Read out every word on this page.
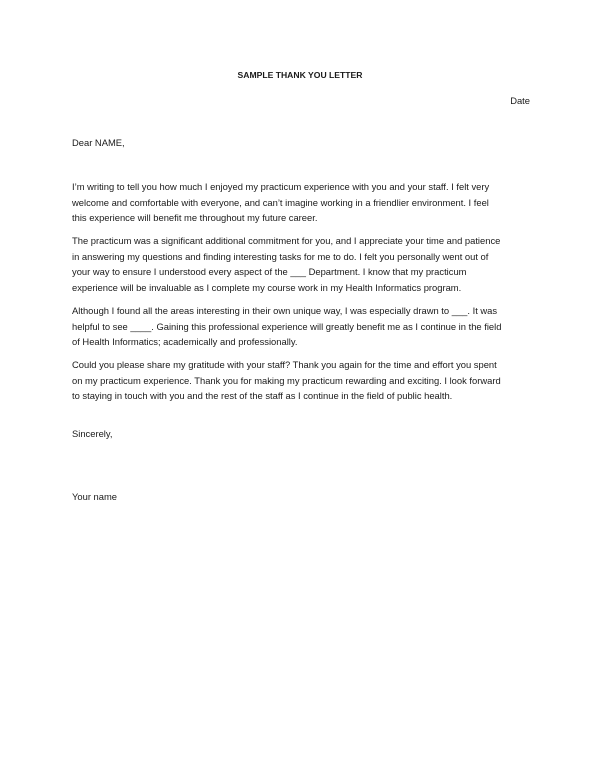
SAMPLE THANK YOU LETTER
Date
Dear NAME,
I’m writing to tell you how much I enjoyed my practicum experience with you and your staff. I felt very
welcome and comfortable with everyone, and can’t imagine working in a friendlier environment. I feel
this experience will benefit me throughout my future career.
The practicum was a significant additional commitment for you, and I appreciate your time and patience
in answering my questions and finding interesting tasks for me to do. I felt you personally went out of
your way to ensure I understood every aspect of the ___ Department. I know that my practicum
experience will be invaluable as I complete my course work in my Health Informatics program.
Although I found all the areas interesting in their own unique way, I was especially drawn to ___. It was
helpful to see ____. Gaining this professional experience will greatly benefit me as I continue in the field
of Health Informatics; academically and professionally.
Could you please share my gratitude with your staff? Thank you again for the time and effort you spent
on my practicum experience. Thank you for making my practicum rewarding and exciting. I look forward
to staying in touch with you and the rest of the staff as I continue in the field of public health.
Sincerely,
Your name
